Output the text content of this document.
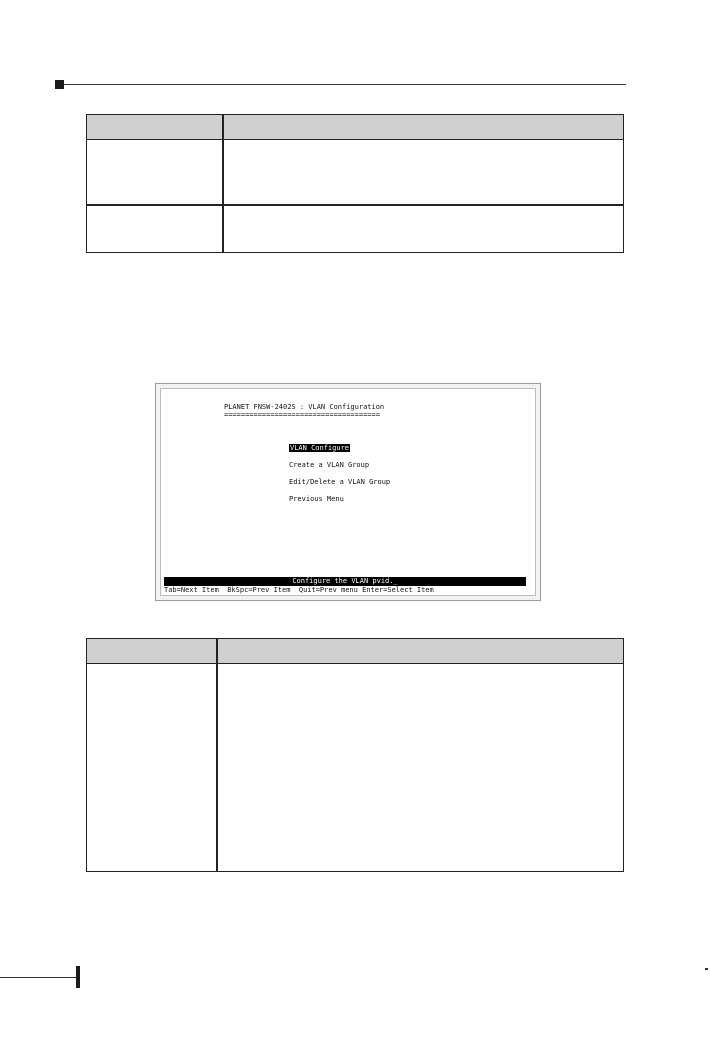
PLANET FNSW-2402S : VLAN Configuration
=====================================
VLAN Configure
Create a VLAN Group
Edit/Delete a VLAN Group
Previous Menu
Configure the VLAN pvid._
Tab=Next Item  BkSpc=Prev Item  Quit=Prev menu Enter=Select Item
